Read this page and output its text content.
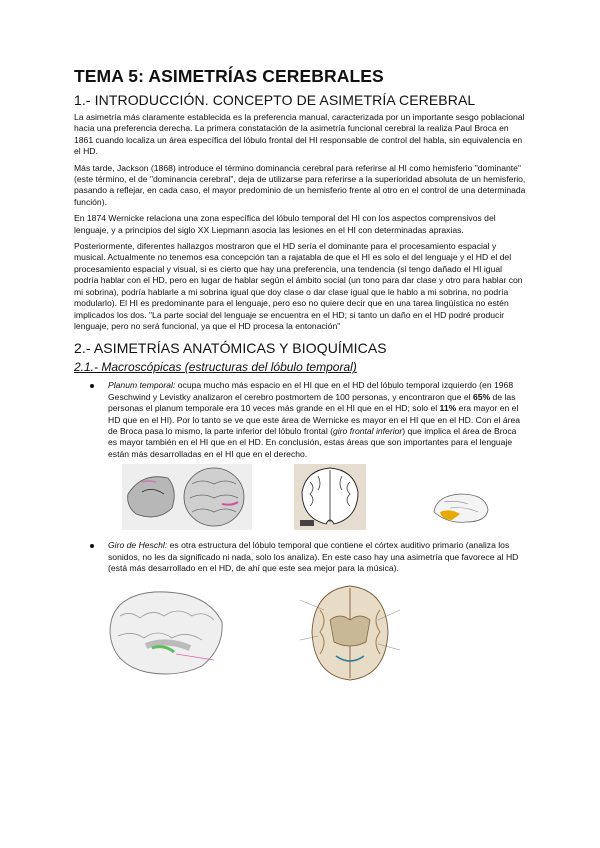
TEMA 5: ASIMETRÍAS CEREBRALES
1.- INTRODUCCIÓN. CONCEPTO DE ASIMETRÍA CEREBRAL

La asimetría más claramente establecida es la preferencia manual, caracterizada por un importante sesgo poblacional hacia una preferencia derecha. La primera constatación de la asimetría funcional cerebral la realiza Paul Broca en 1861 cuando localiza un área específica del lóbulo frontal del HI responsable de control del habla, sin equivalencia en el HD.

Más tarde, Jackson (1868) introduce el término dominancia cerebral para referirse al HI como hemisferio "dominante" (este término, el de "dominancia cerebral", deja de utilizarse para referirse a la superioridad absoluta de un hemisferio, pasando a reflejar, en cada caso, el mayor predominio de un hemisferio frente al otro en el control de una determinada función).

En 1874 Wernicke relaciona una zona específica del lóbulo temporal del HI con los aspectos comprensivos del lenguaje, y a principios del siglo XX Liepmann asocia las lesiones en el HI con determinadas apraxias.

Posteriormente, diferentes hallazgos mostraron que el HD sería el dominante para el procesamiento espacial y musical. Actualmente no tenemos esa concepción tan a rajatabla de que el HI es solo el del lenguaje y el HD el del procesamiento espacial y visual, si es cierto que hay una preferencia, una tendencia (si tengo dañado el HI igual podría hablar con el HD, pero en lugar de hablar según el ámbito social (un tono para dar clase y otro para hablar con mi sobrina), podría hablarle a mi sobrina igual que doy clase o dar clase igual que le hablo a mi sobrina, no podría modularlo). El HI es predominante para el lenguaje, pero eso no quiere decir que en una tarea lingüística no estén implicados los dos. "La parte social del lenguaje se encuentra en el HD; si tanto un daño en el HD podré producir lenguaje, pero no será funcional, ya que el HD procesa la entonación"

2.- ASIMETRÍAS ANATÓMICAS Y BIOQUÍMICAS
2.1.- Macroscópicas (estructuras del lóbulo temporal)
Planum temporal: ocupa mucho más espacio en el HI que en el HD del lóbulo temporal izquierdo (en 1968 Geschwind y Levistky analizaron el cerebro postmortem de 100 personas, y encontraron que el 65% de las personas el planum temporale era 10 veces más grande en el HI que en el HD; solo el 11% era mayor en el HD que en el HI). Por lo tanto se ve que este área de Wernicke es mayor en el HI que en el HD. Con el área de Broca pasa lo mismo, la parte inferior del lóbulo frontal (giro frontal inferior) que implica el área de Broca es mayor también en el HI que en el HD. En conclusión, estas áreas que son importantes para el lenguaje están más desarrolladas en el HI que en el derecho.
Giro de Heschl: es otra estructura del lóbulo temporal que contiene el córtex auditivo primario (analiza los sonidos, no les da significado ni nada, solo los analiza). En este caso hay una asimetría que favorece al HD (está más desarrollado en el HD, de ahí que este sea mejor para la música).
